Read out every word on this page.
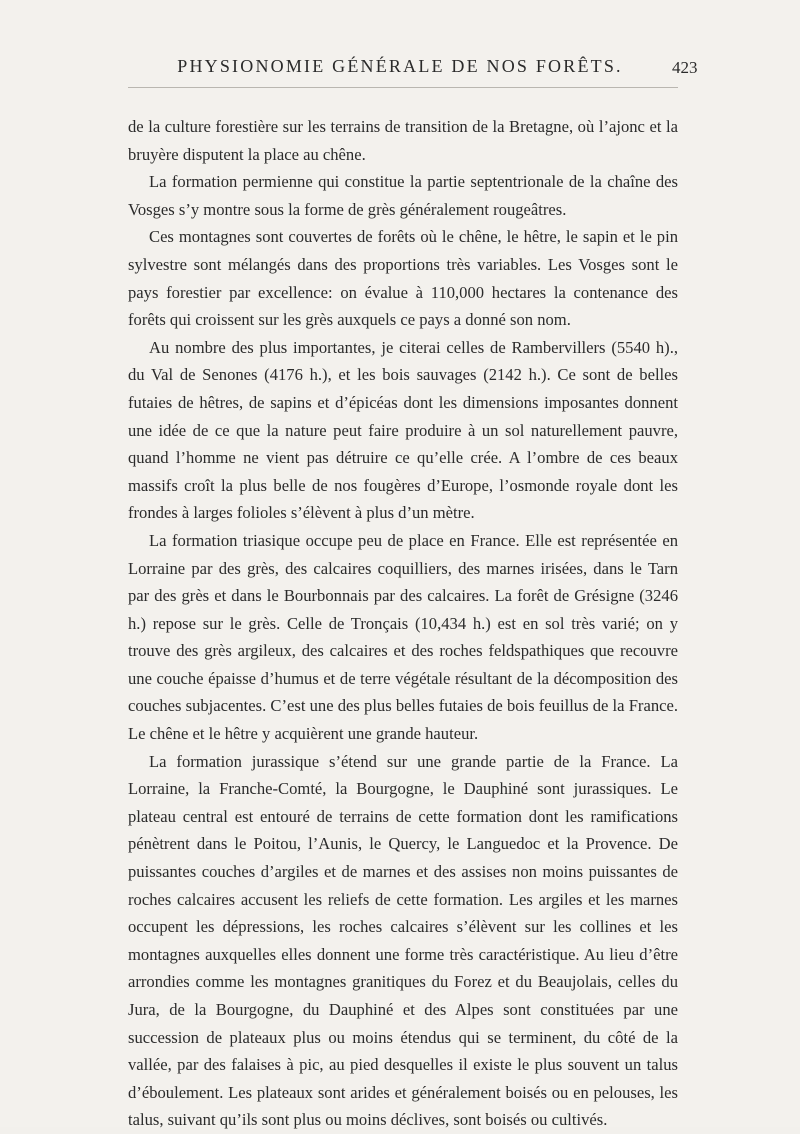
PHYSIONOMIE GÉNÉRALE DE NOS FORÊTS.	423

de la culture forestière sur les terrains de transition de la Bretagne, où l’ajonc et la bruyère disputent la place au chêne.

La formation permienne qui constitue la partie septentrionale de la chaîne des Vosges s’y montre sous la forme de grès généralement rougeâtres.

Ces montagnes sont couvertes de forêts où le chêne, le hêtre, le sapin et le pin sylvestre sont mélangés dans des proportions très variables. Les Vosges sont le pays forestier par excellence: on évalue à 110,000 hectares la contenance des forêts qui croissent sur les grès auxquels ce pays a donné son nom.

Au nombre des plus importantes, je citerai celles de Rambervillers (5540 h)., du Val de Senones (4176 h.), et les bois sauvages (2142 h.). Ce sont de belles futaies de hêtres, de sapins et d’épicéas dont les dimensions imposantes donnent une idée de ce que la nature peut faire produire à un sol naturellement pauvre, quand l’homme ne vient pas détruire ce qu’elle crée. A l’ombre de ces beaux massifs croît la plus belle de nos fougères d’Europe, l’osmonde royale dont les frondes à larges folioles s’élèvent à plus d’un mètre.

La formation triasique occupe peu de place en France. Elle est représentée en Lorraine par des grès, des calcaires coquilliers, des marnes irisées, dans le Tarn par des grès et dans le Bourbonnais par des calcaires. La forêt de Grésigne (3246 h.) repose sur le grès. Celle de Tronçais (10,434 h.) est en sol très varié; on y trouve des grès argileux, des calcaires et des roches feldspathiques que recouvre une couche épaisse d’humus et de terre végétale résultant de la décomposition des couches subjacentes. C’est une des plus belles futaies de bois feuillus de la France. Le chêne et le hêtre y acquièrent une grande hauteur.

La formation jurassique s’étend sur une grande partie de la France. La Lorraine, la Franche-Comté, la Bourgogne, le Dauphiné sont jurassiques. Le plateau central est entouré de terrains de cette formation dont les ramifications pénètrent dans le Poitou, l’Aunis, le Quercy, le Languedoc et la Provence. De puissantes couches d’argiles et de marnes et des assises non moins puissantes de roches calcaires accusent les reliefs de cette formation. Les argiles et les marnes occupent les dépressions, les roches calcaires s’élèvent sur les collines et les montagnes auxquelles elles donnent une forme très caractéristique. Au lieu d’être arrondies comme les montagnes granitiques du Forez et du Beaujolais, celles du Jura, de la Bourgogne, du Dauphiné et des Alpes sont constituées par une succession de plateaux plus ou moins étendus qui se terminent, du côté de la vallée, par des falaises à pic, au pied desquelles il existe le plus souvent un talus d’éboulement. Les plateaux sont arides et généralement boisés ou en pelouses, les talus, suivant qu’ils sont plus ou moins déclives, sont boisés ou cultivés.
